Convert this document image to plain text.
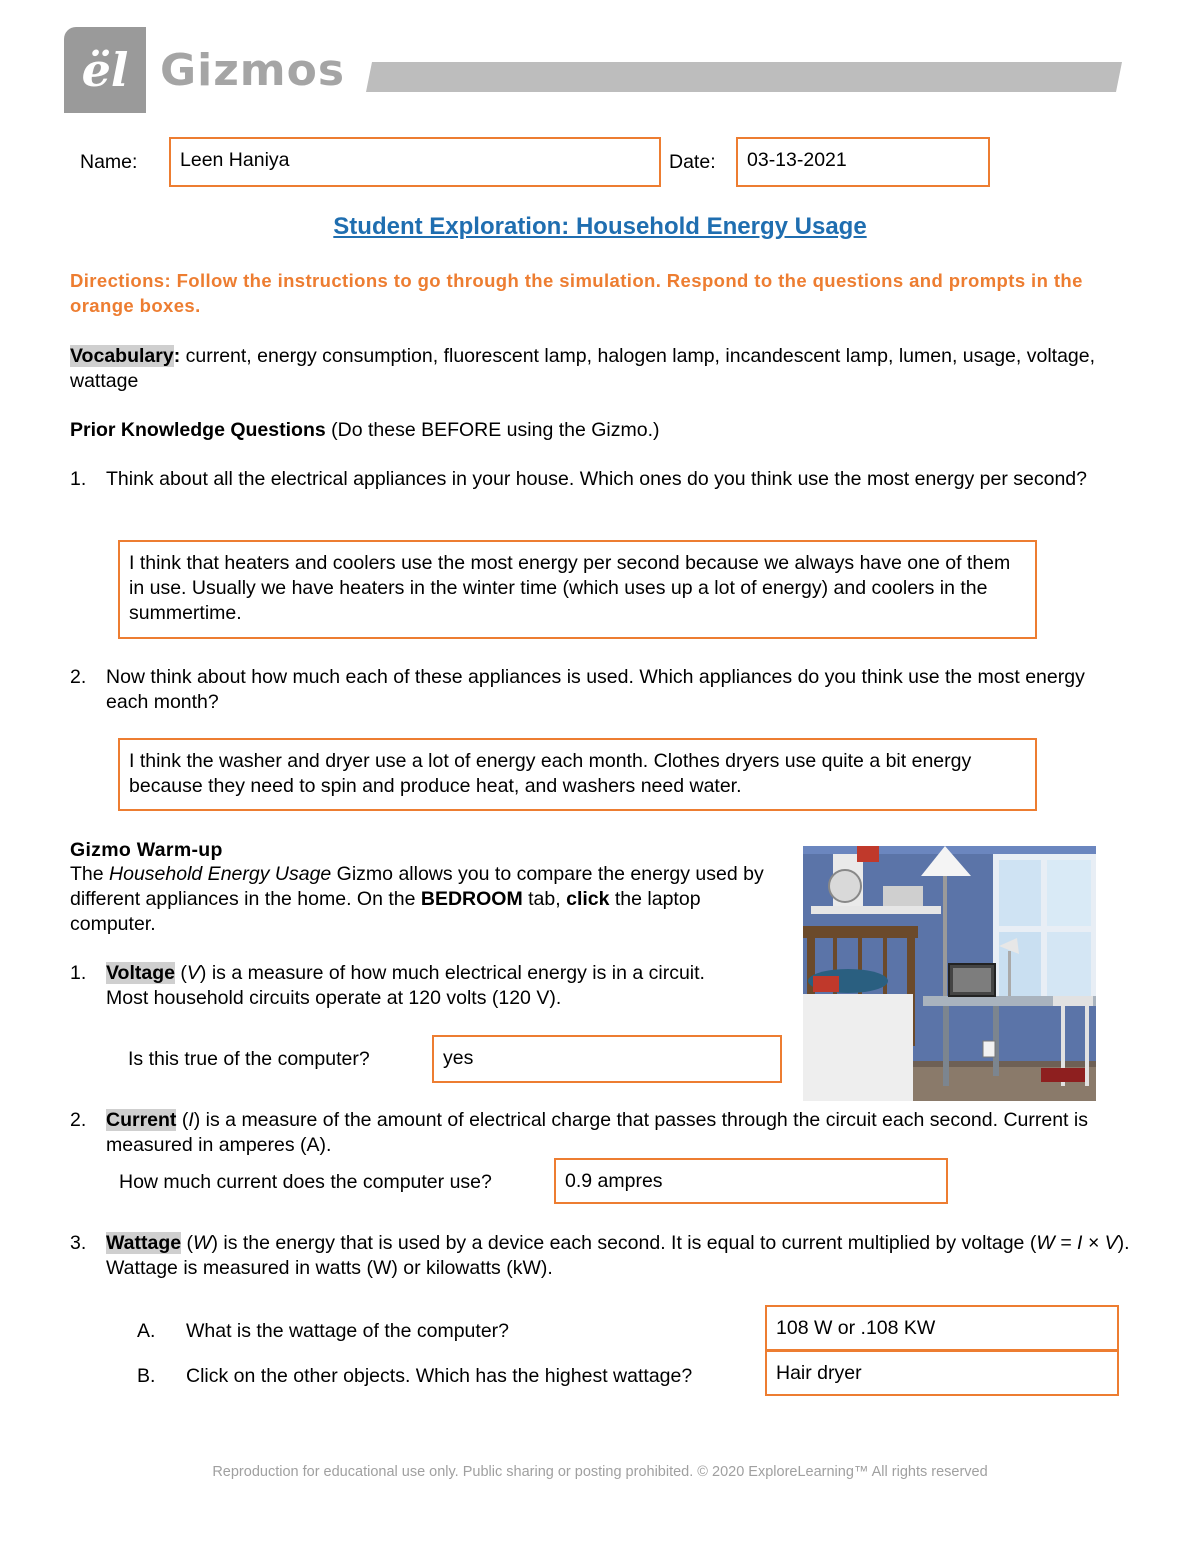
ël Gizmos
Name:	Leen Haniya	Date:	03-13-2021
Student Exploration: Household Energy Usage
Directions: Follow the instructions to go through the simulation. Respond to the questions and prompts in the orange boxes.
Vocabulary: current, energy consumption, fluorescent lamp, halogen lamp, incandescent lamp, lumen, usage, voltage, wattage
Prior Knowledge Questions (Do these BEFORE using the Gizmo.)
1. Think about all the electrical appliances in your house. Which ones do you think use the most energy per second?
I think that heaters and coolers use the most energy per second because we always have one of them in use. Usually we have heaters in the winter time (which uses up a lot of energy) and coolers in the summertime.
2. Now think about how much each of these appliances is used. Which appliances do you think use the most energy each month?
I think the washer and dryer use a lot of energy each month. Clothes dryers use quite a bit energy because they need to spin and produce heat, and washers need water.
Gizmo Warm-up
The Household Energy Usage Gizmo allows you to compare the energy used by different appliances in the home. On the BEDROOM tab, click the laptop computer.
1. Voltage (V) is a measure of how much electrical energy is in a circuit. Most household circuits operate at 120 volts (120 V).
Is this true of the computer?	yes
2. Current (I) is a measure of the amount of electrical charge that passes through the circuit each second. Current is measured in amperes (A).
How much current does the computer use?	0.9 ampres
3. Wattage (W) is the energy that is used by a device each second. It is equal to current multiplied by voltage (W = I × V). Wattage is measured in watts (W) or kilowatts (kW).
A. What is the wattage of the computer?	108 W or .108 KW
B. Click on the other objects. Which has the highest wattage?	Hair dryer
Reproduction for educational use only. Public sharing or posting prohibited. © 2020 ExploreLearning™ All rights reserved
